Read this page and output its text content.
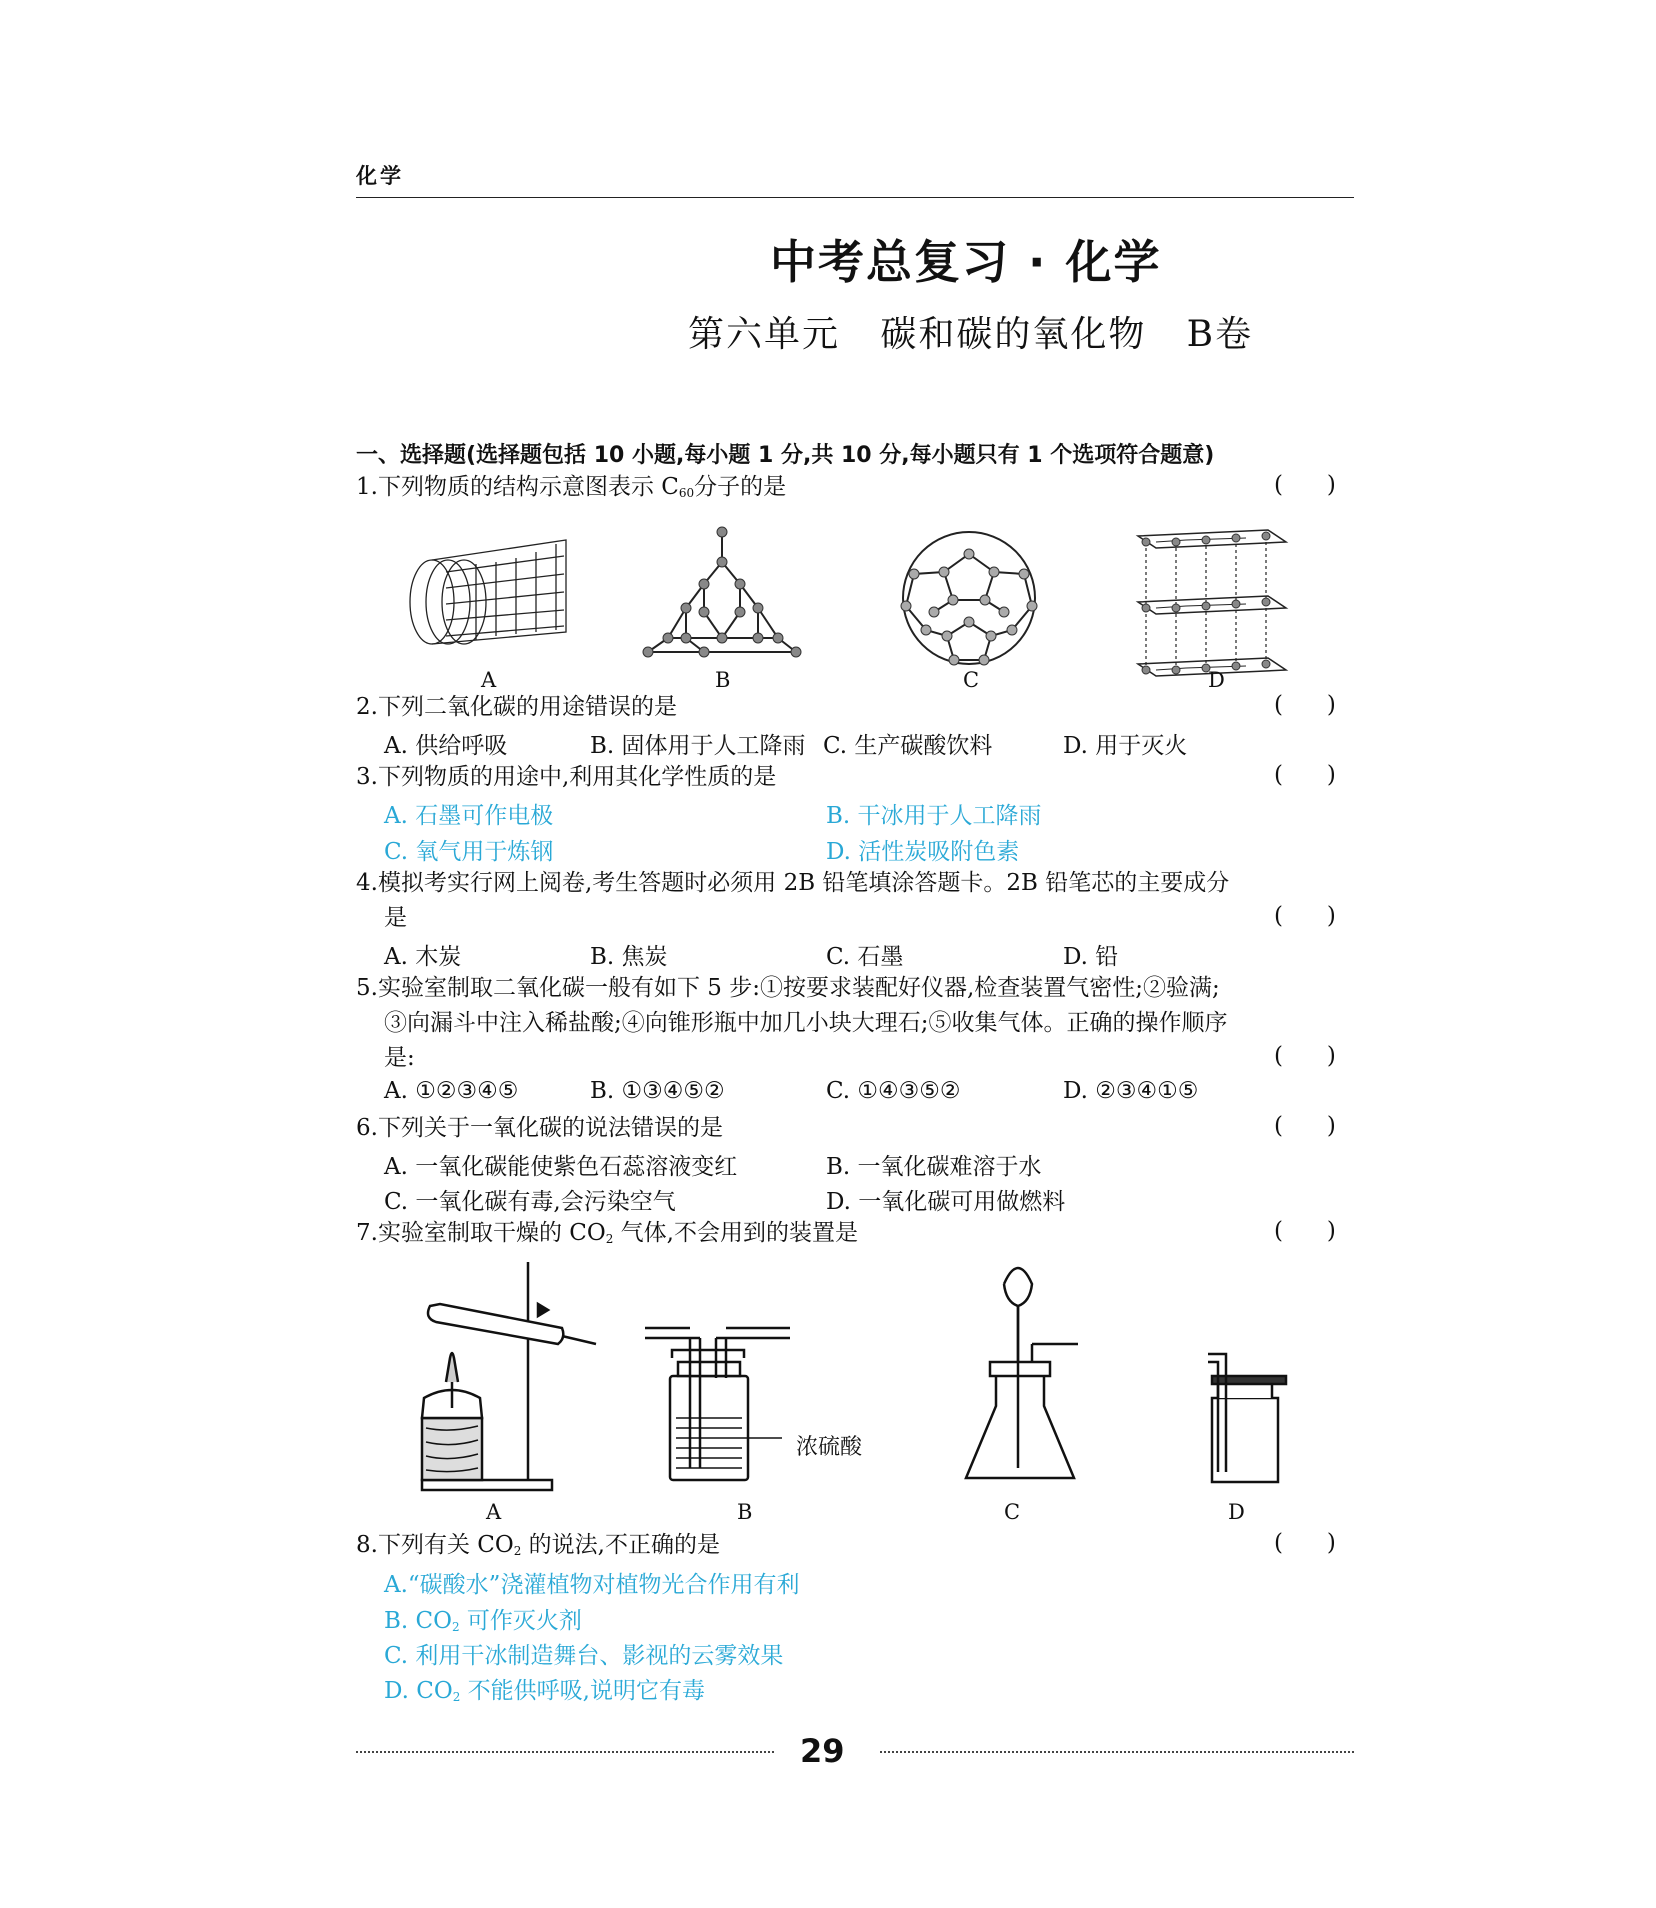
化学
中考总复习 · 化学
第六单元   碳和碳的氧化物   B卷
一、选择题(选择题包括 10 小题,每小题 1 分,共 10 分,每小题只有 1 个选项符合题意)
1.下列物质的结构示意图表示 $C_{60}$分子的是	(      )
A	B	C	D
2.下列二氧化碳的用途错误的是	(      )
A. 供给呼吸	B. 固体用于人工降雨 C. 生产碳酸饮料	D. 用于灭火
3.下列物质的用途中,利用其化学性质的是	(      )
A. 石墨可作电极	B. 干冰用于人工降雨
C. 氧气用于炼钢	D. 活性炭吸附色素
4.模拟考实行网上阅卷,考生答题时必须用 2B 铅笔填涂答题卡。2B 铅笔芯的主要成分
是	(      )
A. 木炭	B. 焦炭	C. 石墨	D. 铅
5.实验室制取二氧化碳一般有如下 5 步:①按要求装配好仪器,检查装置气密性;②验满;
③向漏斗中注入稀盐酸;④向锥形瓶中加几小块大理石;⑤收集气体。正确的操作顺序
是:	(      )
A. ①②③④⑤	B. ①③④⑤②	C. ①④③⑤②	D. ②③④①⑤
6.下列关于一氧化碳的说法错误的是	(      )
A. 一氧化碳能使紫色石蕊溶液变红	B. 一氧化碳难溶于水
C. 一氧化碳有毒,会污染空气	D. 一氧化碳可用做燃料
7.实验室制取干燥的 $CO_2$ 气体,不会用到的装置是	(      )
浓硫酸
A	B	C	D
8.下列有关 $CO_2$ 的说法,不正确的是	(      )
A.“碳酸水”浇灌植物对植物光合作用有利
B. $CO_2$ 可作灭火剂
C. 利用干冰制造舞台、影视的云雾效果
D. $CO_2$ 不能供呼吸,说明它有毒
29
